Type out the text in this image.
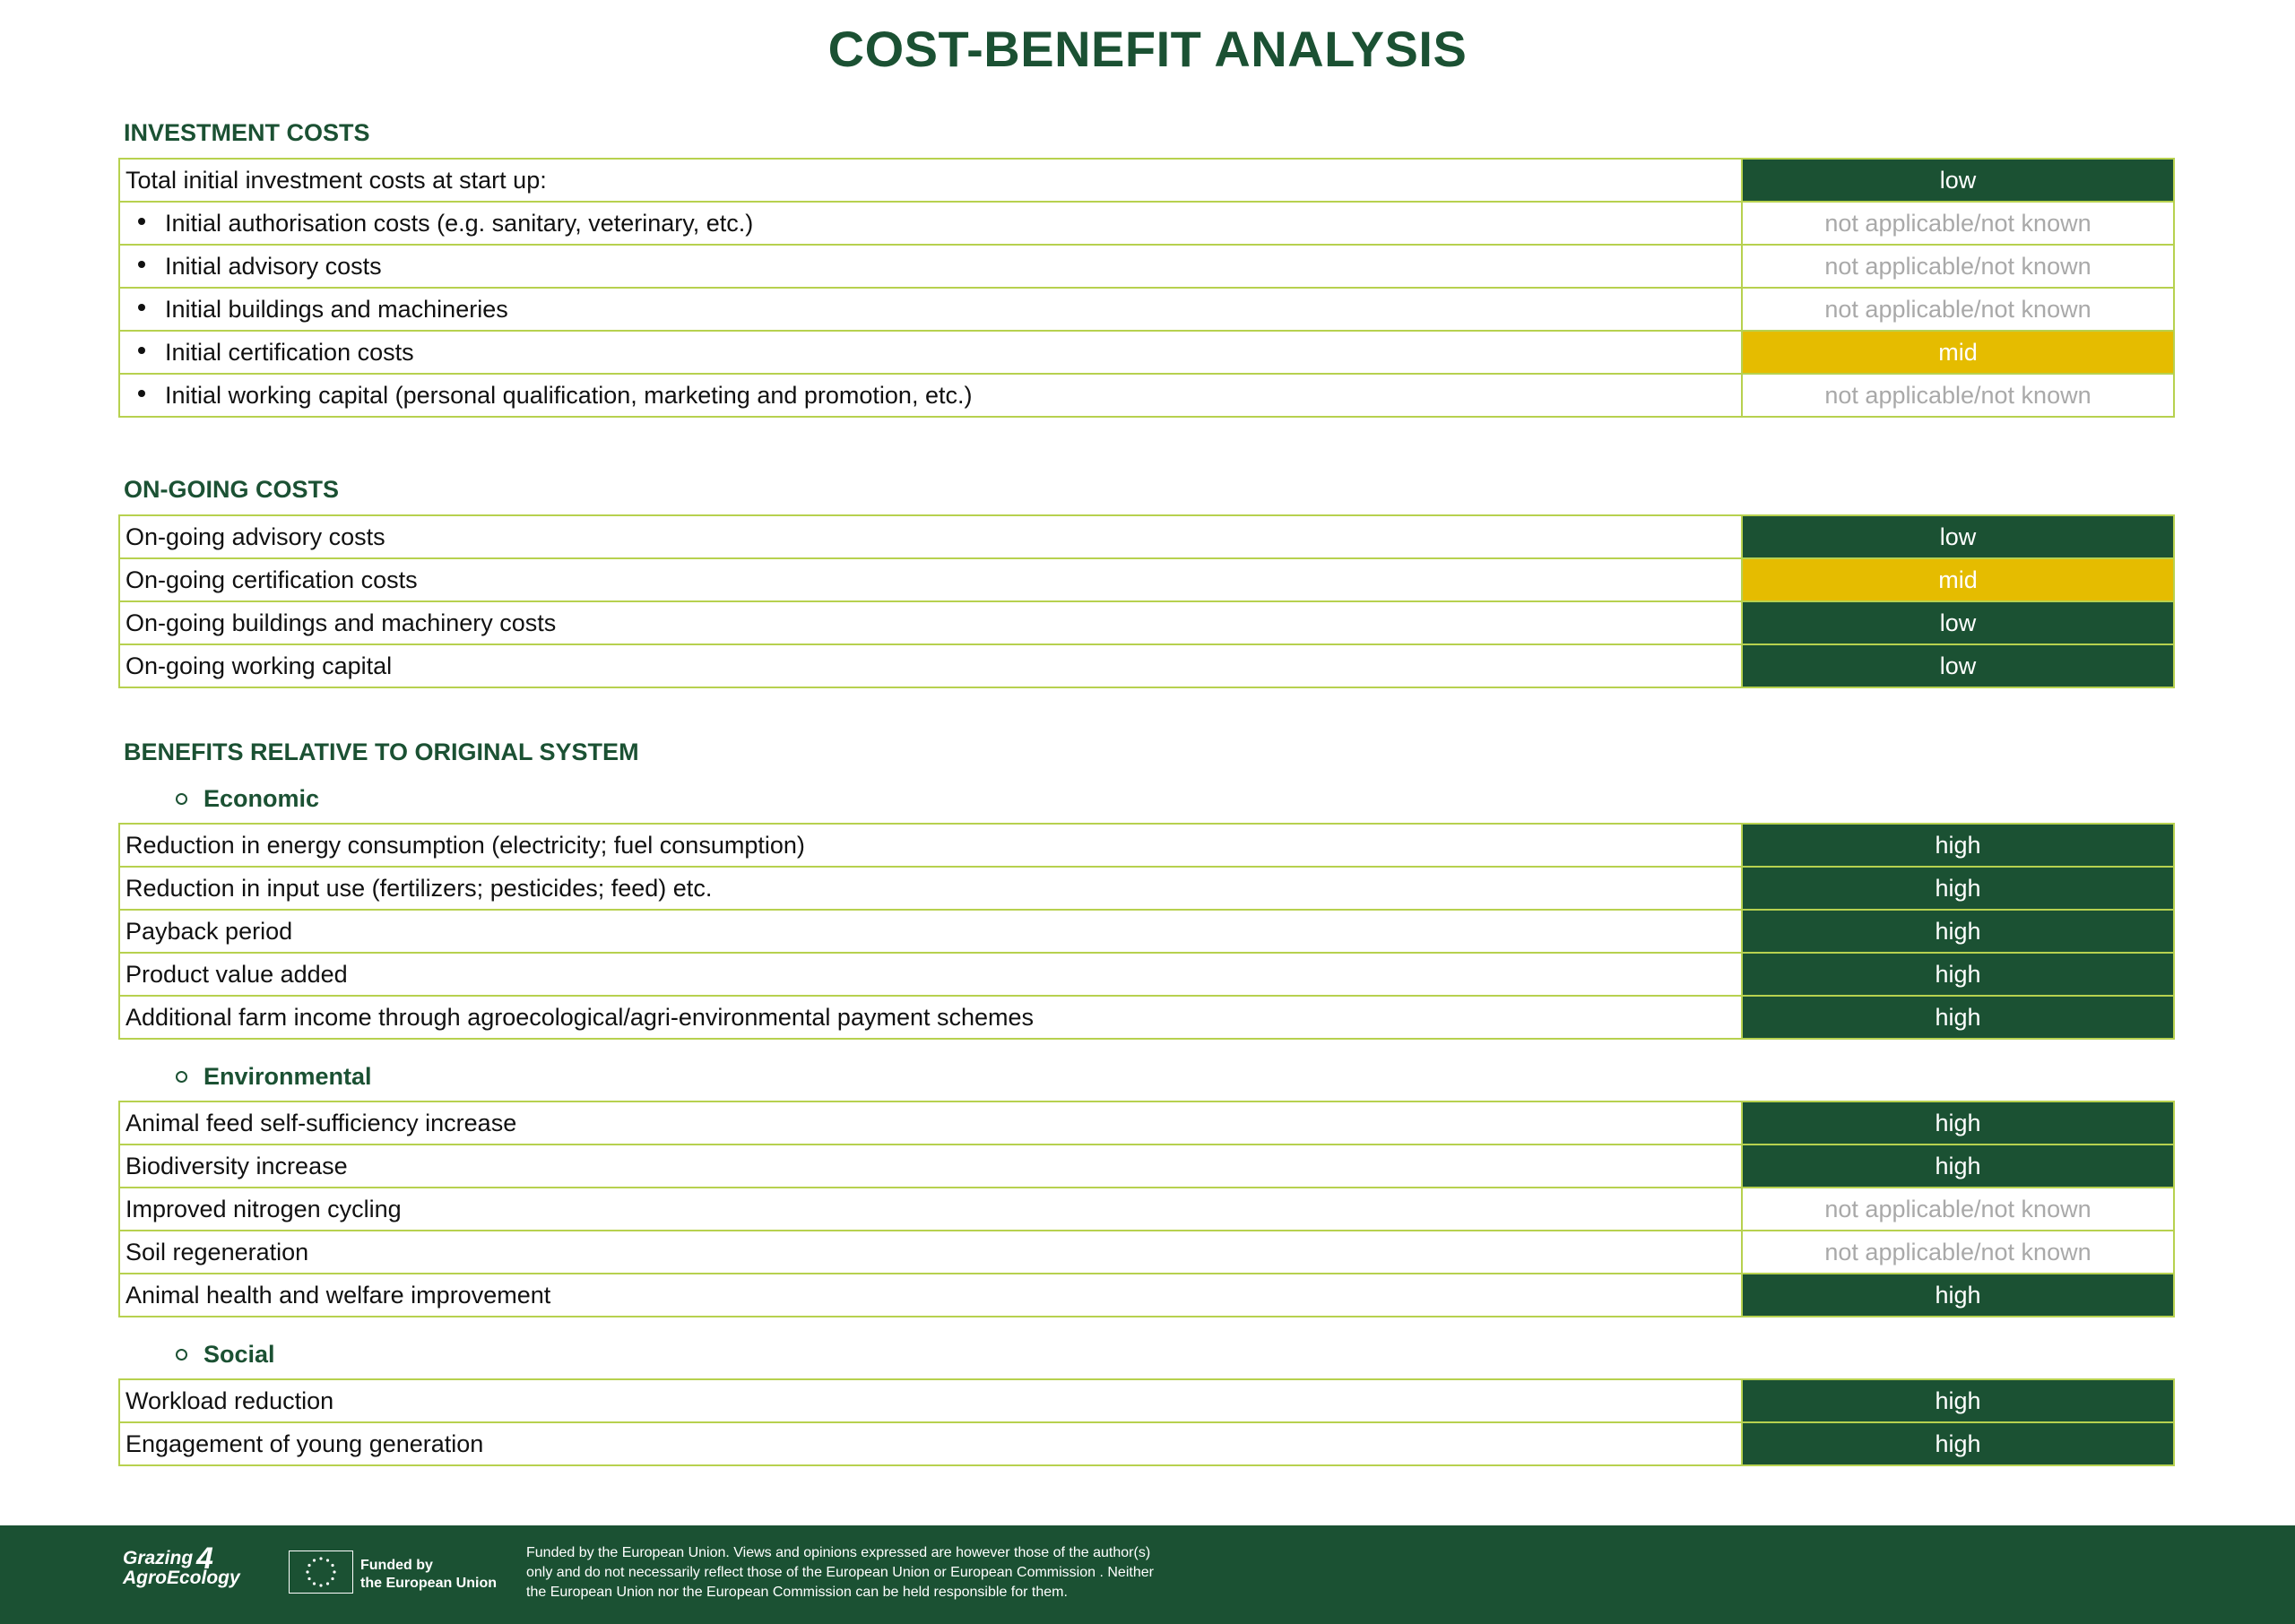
COST-BENEFIT ANALYSIS
INVESTMENT COSTS
Total initial investment costs at start up:	low
Initial authorisation costs (e.g. sanitary, veterinary, etc.)	not applicable/not known
Initial advisory costs	not applicable/not known
Initial buildings and machineries	not applicable/not known
Initial certification costs	mid
Initial working capital (personal qualification, marketing and promotion, etc.)	not applicable/not known
ON-GOING COSTS
On-going advisory costs	low
On-going certification costs	mid
On-going buildings and machinery costs	low
On-going working capital	low
BENEFITS RELATIVE TO ORIGINAL SYSTEM
Economic
Reduction in energy consumption (electricity; fuel consumption)	high
Reduction in input use (fertilizers; pesticides; feed) etc.	high
Payback period	high
Product value added	high
Additional farm income through agroecological/agri-environmental payment schemes	high
Environmental
Animal feed self-sufficiency increase	high
Biodiversity increase	high
Improved nitrogen cycling	not applicable/not known
Soil regeneration	not applicable/not known
Animal health and welfare improvement	high
Social
Workload reduction	high
Engagement of young generation	high
Grazing
AgroEcology
4	Funded by
the European Union
Funded by the European Union. Views and opinions expressed are however those of the author(s)
only and do not necessarily reflect those of the European Union or European Commission . Neither
the European Union nor the European Commission can be held responsible for them.
